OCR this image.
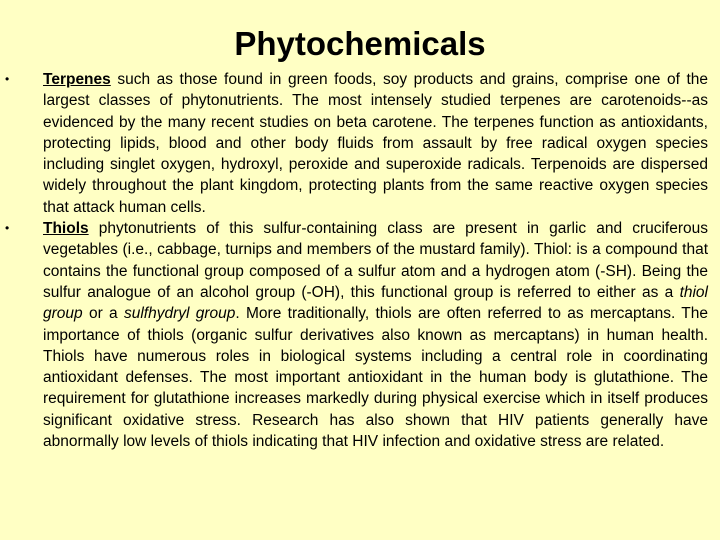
Phytochemicals
• Terpenes such as those found in green foods, soy products and grains, comprise one of the largest classes of phytonutrients. The most intensely studied terpenes are carotenoids--as evidenced by the many recent studies on beta carotene. The terpenes function as antioxidants, protecting lipids, blood and other body fluids from assault by free radical oxygen species including singlet oxygen, hydroxyl, peroxide and superoxide radicals. Terpenoids are dispersed widely throughout the plant kingdom, protecting plants from the same reactive oxygen species that attack human cells.
• Thiols phytonutrients of this sulfur-containing class are present in garlic and cruciferous vegetables (i.e., cabbage, turnips and members of the mustard family). Thiol: is a compound that contains the functional group composed of a sulfur atom and a hydrogen atom (-SH). Being the sulfur analogue of an alcohol group (-OH), this functional group is referred to either as a thiol group or a sulfhydryl group. More traditionally, thiols are often referred to as mercaptans. The importance of thiols (organic sulfur derivatives also known as mercaptans) in human health. Thiols have numerous roles in biological systems including a central role in coordinating antioxidant defenses. The most important antioxidant in the human body is glutathione. The requirement for glutathione increases markedly during physical exercise which in itself produces significant oxidative stress. Research has also shown that HIV patients generally have abnormally low levels of thiols indicating that HIV infection and oxidative stress are related.
